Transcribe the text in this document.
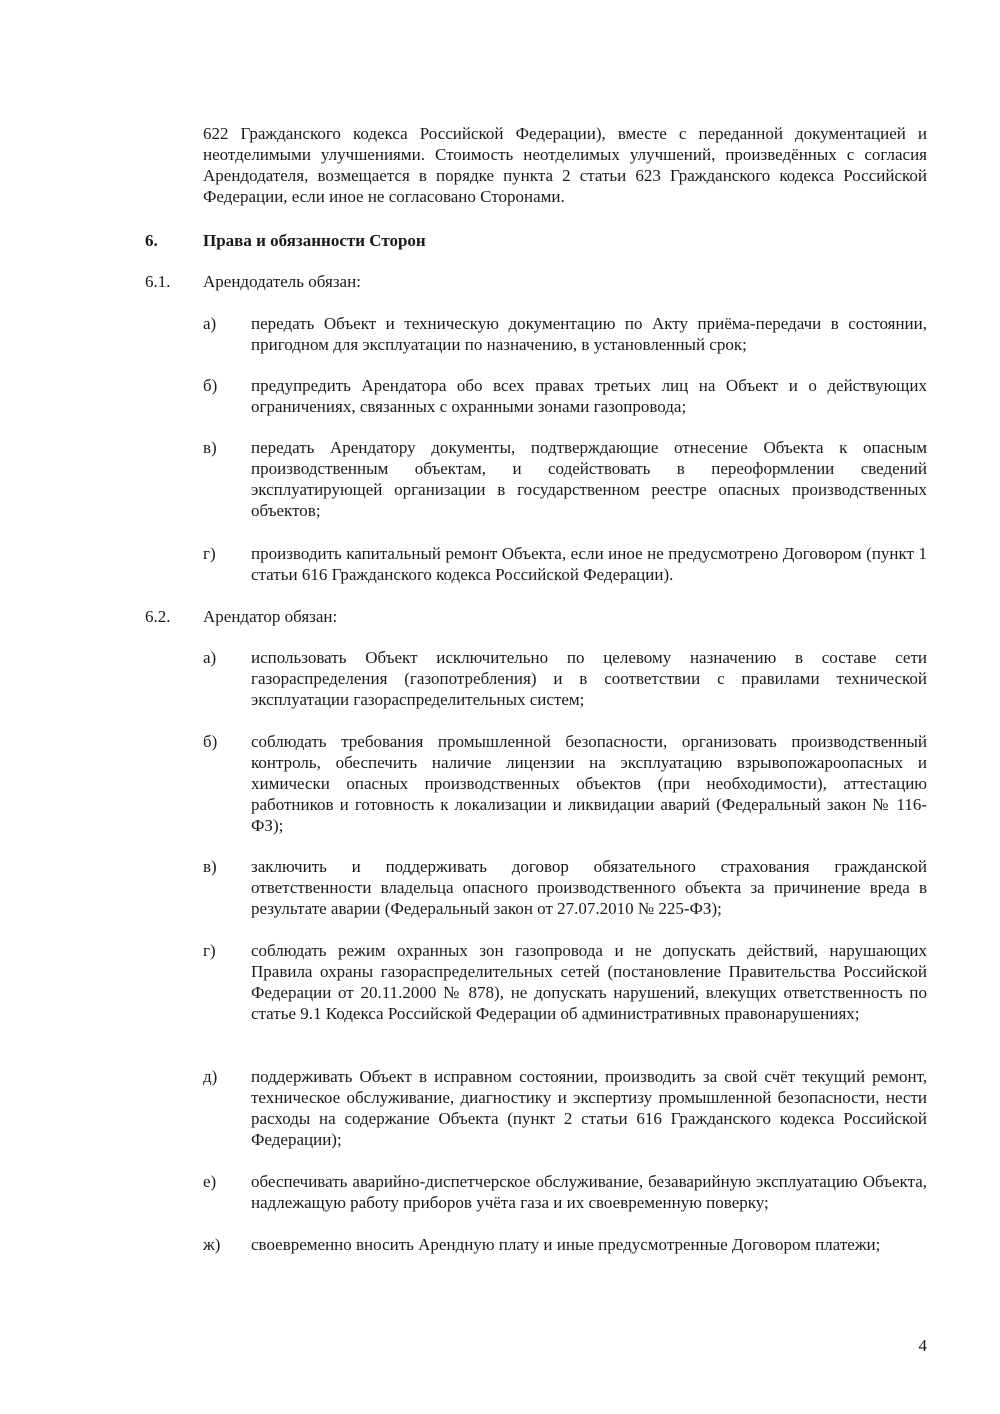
622 Гражданского кодекса Российской Федерации), вместе с переданной документацией и неотделимыми улучшениями. Стоимость неотделимых улучшений, произведённых с согласия Арендодателя, возмещается в порядке пункта 2 статьи 623 Гражданского кодекса Российской Федерации, если иное не согласовано Сторонами.
6.	Права и обязанности Сторон
6.1. Арендодатель обязан:
а) передать Объект и техническую документацию по Акту приёма-передачи в состоянии, пригодном для эксплуатации по назначению, в установленный срок;
б) предупредить Арендатора обо всех правах третьих лиц на Объект и о действующих ограничениях, связанных с охранными зонами газопровода;
в) передать Арендатору документы, подтверждающие отнесение Объекта к опасным производственным объектам, и содействовать в переоформлении сведений эксплуатирующей организации в государственном реестре опасных производственных объектов;
г) производить капитальный ремонт Объекта, если иное не предусмотрено Договором (пункт 1 статьи 616 Гражданского кодекса Российской Федерации).
6.2. Арендатор обязан:
а) использовать Объект исключительно по целевому назначению в составе сети газораспределения (газопотребления) и в соответствии с правилами технической эксплуатации газораспределительных систем;
б) соблюдать требования промышленной безопасности, организовать производственный контроль, обеспечить наличие лицензии на эксплуатацию взрывопожароопасных и химически опасных производственных объектов (при необходимости), аттестацию работников и готовность к локализации и ликвидации аварий (Федеральный закон № 116-ФЗ);
в) заключить и поддерживать договор обязательного страхования гражданской ответственности владельца опасного производственного объекта за причинение вреда в результате аварии (Федеральный закон от 27.07.2010 № 225-ФЗ);
г) соблюдать режим охранных зон газопровода и не допускать действий, нарушающих Правила охраны газораспределительных сетей (постановление Правительства Российской Федерации от 20.11.2000 № 878), не допускать нарушений, влекущих ответственность по статье 9.1 Кодекса Российской Федерации об административных правонарушениях;
д) поддерживать Объект в исправном состоянии, производить за свой счёт текущий ремонт, техническое обслуживание, диагностику и экспертизу промышленной безопасности, нести расходы на содержание Объекта (пункт 2 статьи 616 Гражданского кодекса Российской Федерации);
е) обеспечивать аварийно-диспетчерское обслуживание, безаварийную эксплуатацию Объекта, надлежащую работу приборов учёта газа и их своевременную поверку;
ж) своевременно вносить Арендную плату и иные предусмотренные Договором платежи;
4
